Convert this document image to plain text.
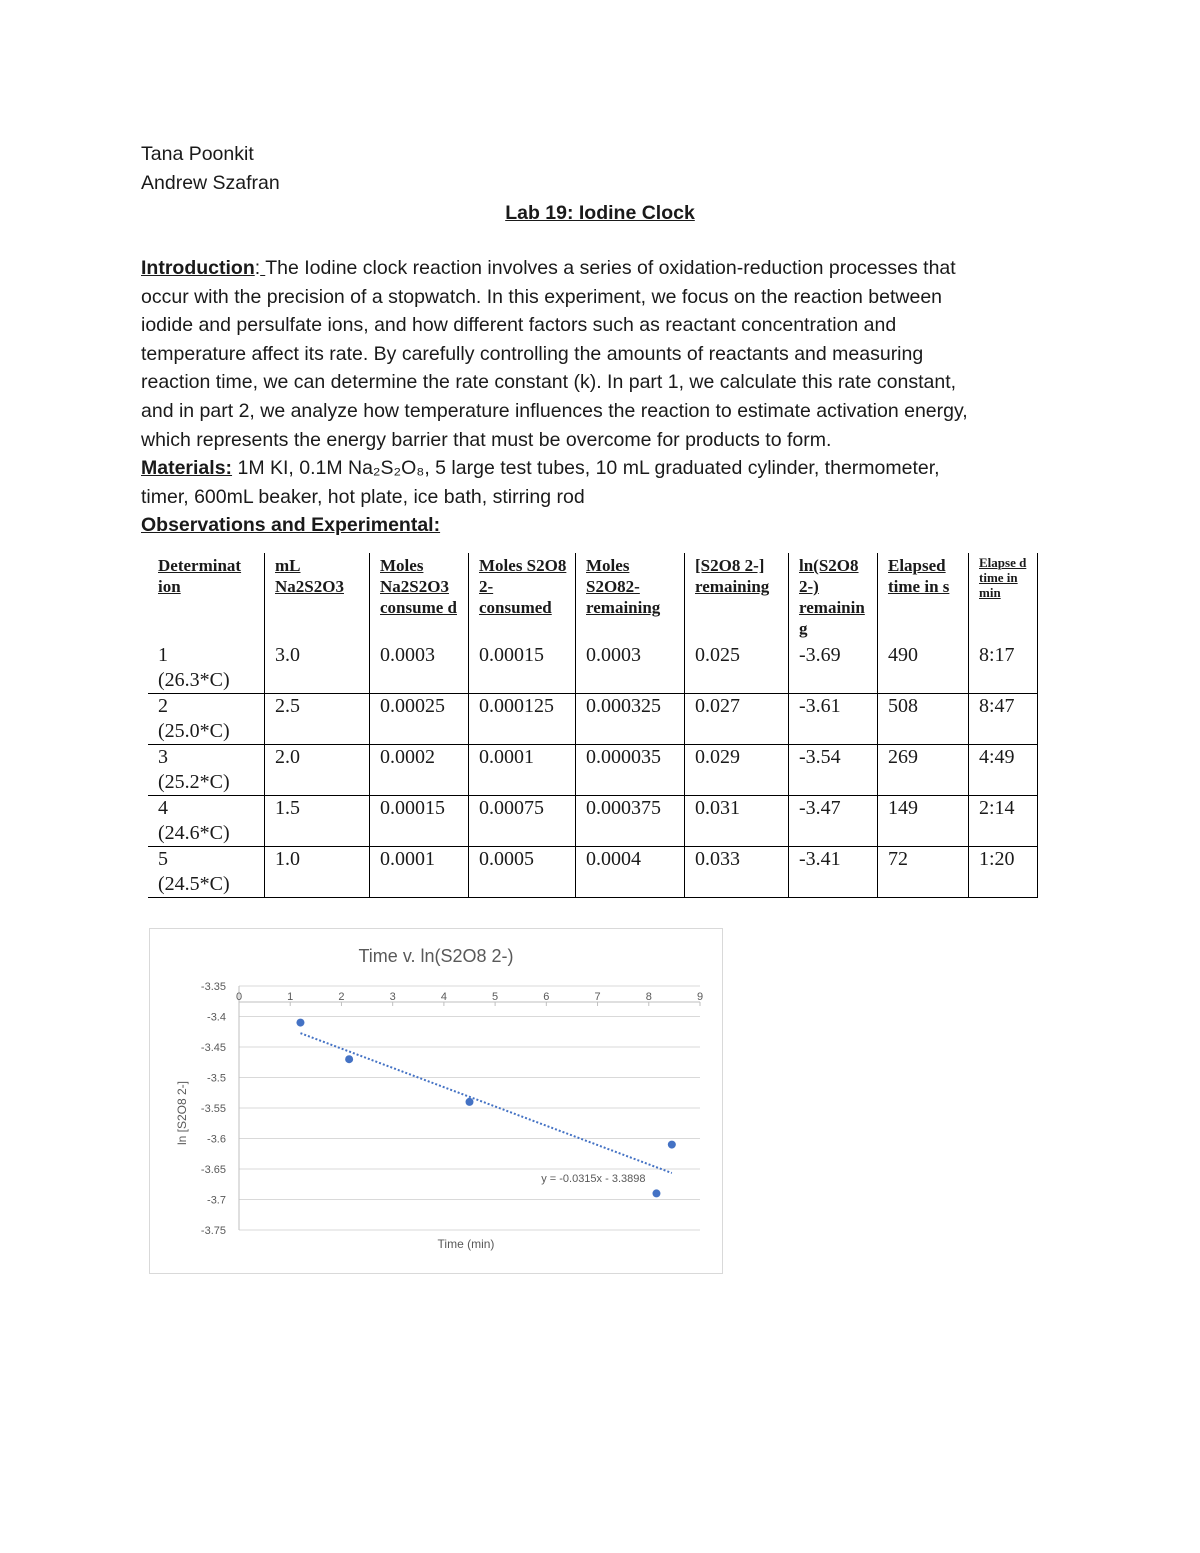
Tana Poonkit
Andrew Szafran
Lab 19: Iodine Clock
Introduction: The Iodine clock reaction involves a series of oxidation-reduction processes that
occur with the precision of a stopwatch. In this experiment, we focus on the reaction between
iodide and persulfate ions, and how different factors such as reactant concentration and
temperature affect its rate. By carefully controlling the amounts of reactants and measuring
reaction time, we can determine the rate constant (k). In part 1, we calculate this rate constant,
and in part 2, we analyze how temperature influences the reaction to estimate activation energy,
which represents the energy barrier that must be overcome for products to form.
Materials: 1M KI, 0.1M Na₂S₂O₈, 5 large test tubes, 10 mL graduated cylinder, thermometer,
timer, 600mL beaker, hot plate, ice bath, stirring rod
Observations and Experimental:
Determinat ion	mL Na2S2O3	Moles Na2S2O3 consume d	Moles S2O8 2- consumed	Moles S2O82- remaining	[S2O8 2-] remaining	ln(S2O8 2-) remainin g	Elapsed time in s	Elapse d time in min
1
(26.3*C)	3.0	0.0003	0.00015	0.0003	0.025	-3.69	490	8:17
2
(25.0*C)	2.5	0.00025	0.000125	0.000325	0.027	-3.61	508	8:47
3
(25.2*C)	2.0	0.0002	0.0001	0.000035	0.029	-3.54	269	4:49
4
(24.6*C)	1.5	0.00015	0.00075	0.000375	0.031	-3.47	149	2:14
5
(24.5*C)	1.0	0.0001	0.0005	0.0004	0.033	-3.41	72	1:20
Time v. ln(S2O8 2-)
-3.35
-3.4
-3.45
-3.5
-3.55
-3.6
-3.65
-3.7
-3.75
0	1	2	3	4	5	6	7	8	9
y = -0.0315x - 3.3898
Time (min)
ln [S2O8 2-]
